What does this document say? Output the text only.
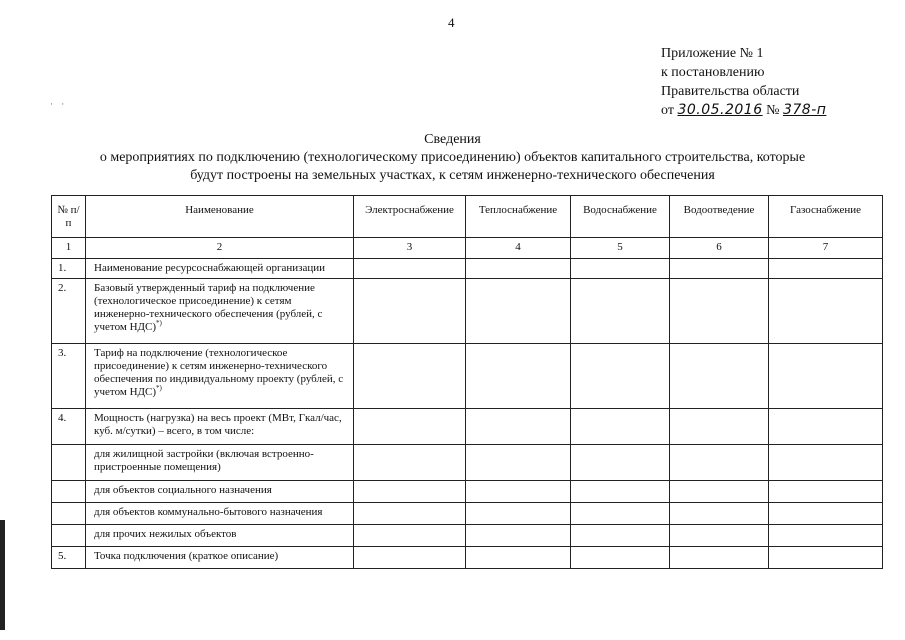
4
· ·
Приложение № 1
к постановлению
Правительства области
от 30.05.2016 № 378-п
Сведения
о мероприятиях по подключению (технологическому присоединению) объектов капитального строительства, которые
будут построены на земельных участках, к сетям инженерно-технического обеспечения
№ п/п	Наименование	Электроснабжение	Теплоснабжение	Водоснабжение	Водоотведение	Газоснабжение
1	2	3	4	5	6	7
1.	Наименование ресурсоснабжающей организации					
2.	Базовый утвержденный тариф на подключение (технологическое присоединение) к сетям инженерно-технического обеспечения (рублей, с учетом НДС)*)					
3.	Тариф на подключение (технологическое присоединение) к сетям инженерно-технического обеспечения по индивидуальному проекту (рублей, с учетом НДС)*)					
4.	Мощность (нагрузка) на весь проект (МВт, Гкал/час, куб. м/сутки) – всего, в том числе:					
	для жилищной застройки (включая встроенно-пристроенные помещения)					
	для объектов социального назначения					
	для объектов коммунально-бытового назначения					
	для прочих нежилых объектов					
5.	Точка подключения (краткое описание)					
